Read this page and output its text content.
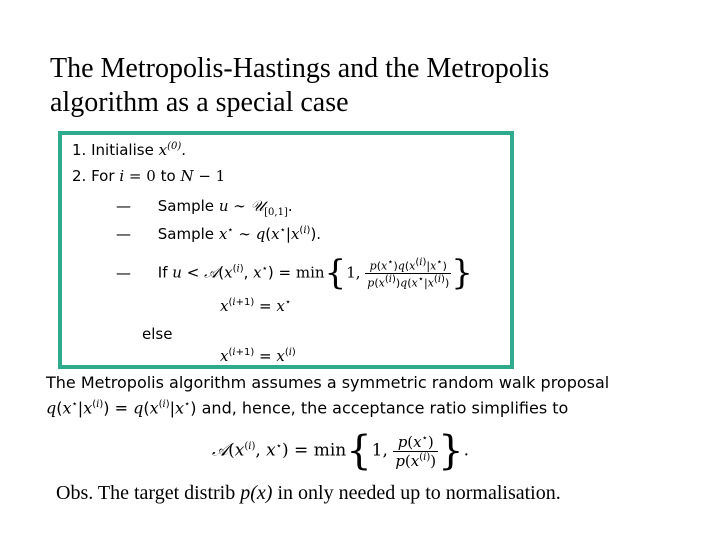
The Metropolis-Hastings and the Metropolis
algorithm as a special case
1. Initialise $x^{(0)}$.
2. For i = 0 to N − 1
— Sample u ∼ 𝒰$_{[0,1]}$.
— Sample x⋆ ∼ $q(x^⋆|x^{(i)})$.
— If $u < 𝒜(x^{(i)}$, x⋆) = min{1, $\frac{p(x^⋆)q(x^{(i)}|x^⋆)}{p(x^{(i)})q(x^⋆|x^{(i)})}$ }
$x^{(i+1)} = x^⋆$
else
$x^{(i+1)} = x^{(i)}$
The Metropolis algorithm assumes a symmetric random walk proposal
$q(x^⋆|x^{(i)}) = q(x^{(i)}|x^⋆)$ and, hence, the acceptance ratio simplifies to
$𝒜(x^{(i)}$, x⋆) = min{1, $\frac{p(x^⋆)}{p(x^{(i)})}$ }.
Obs. The target distrib p(x) in only needed up to normalisation.
